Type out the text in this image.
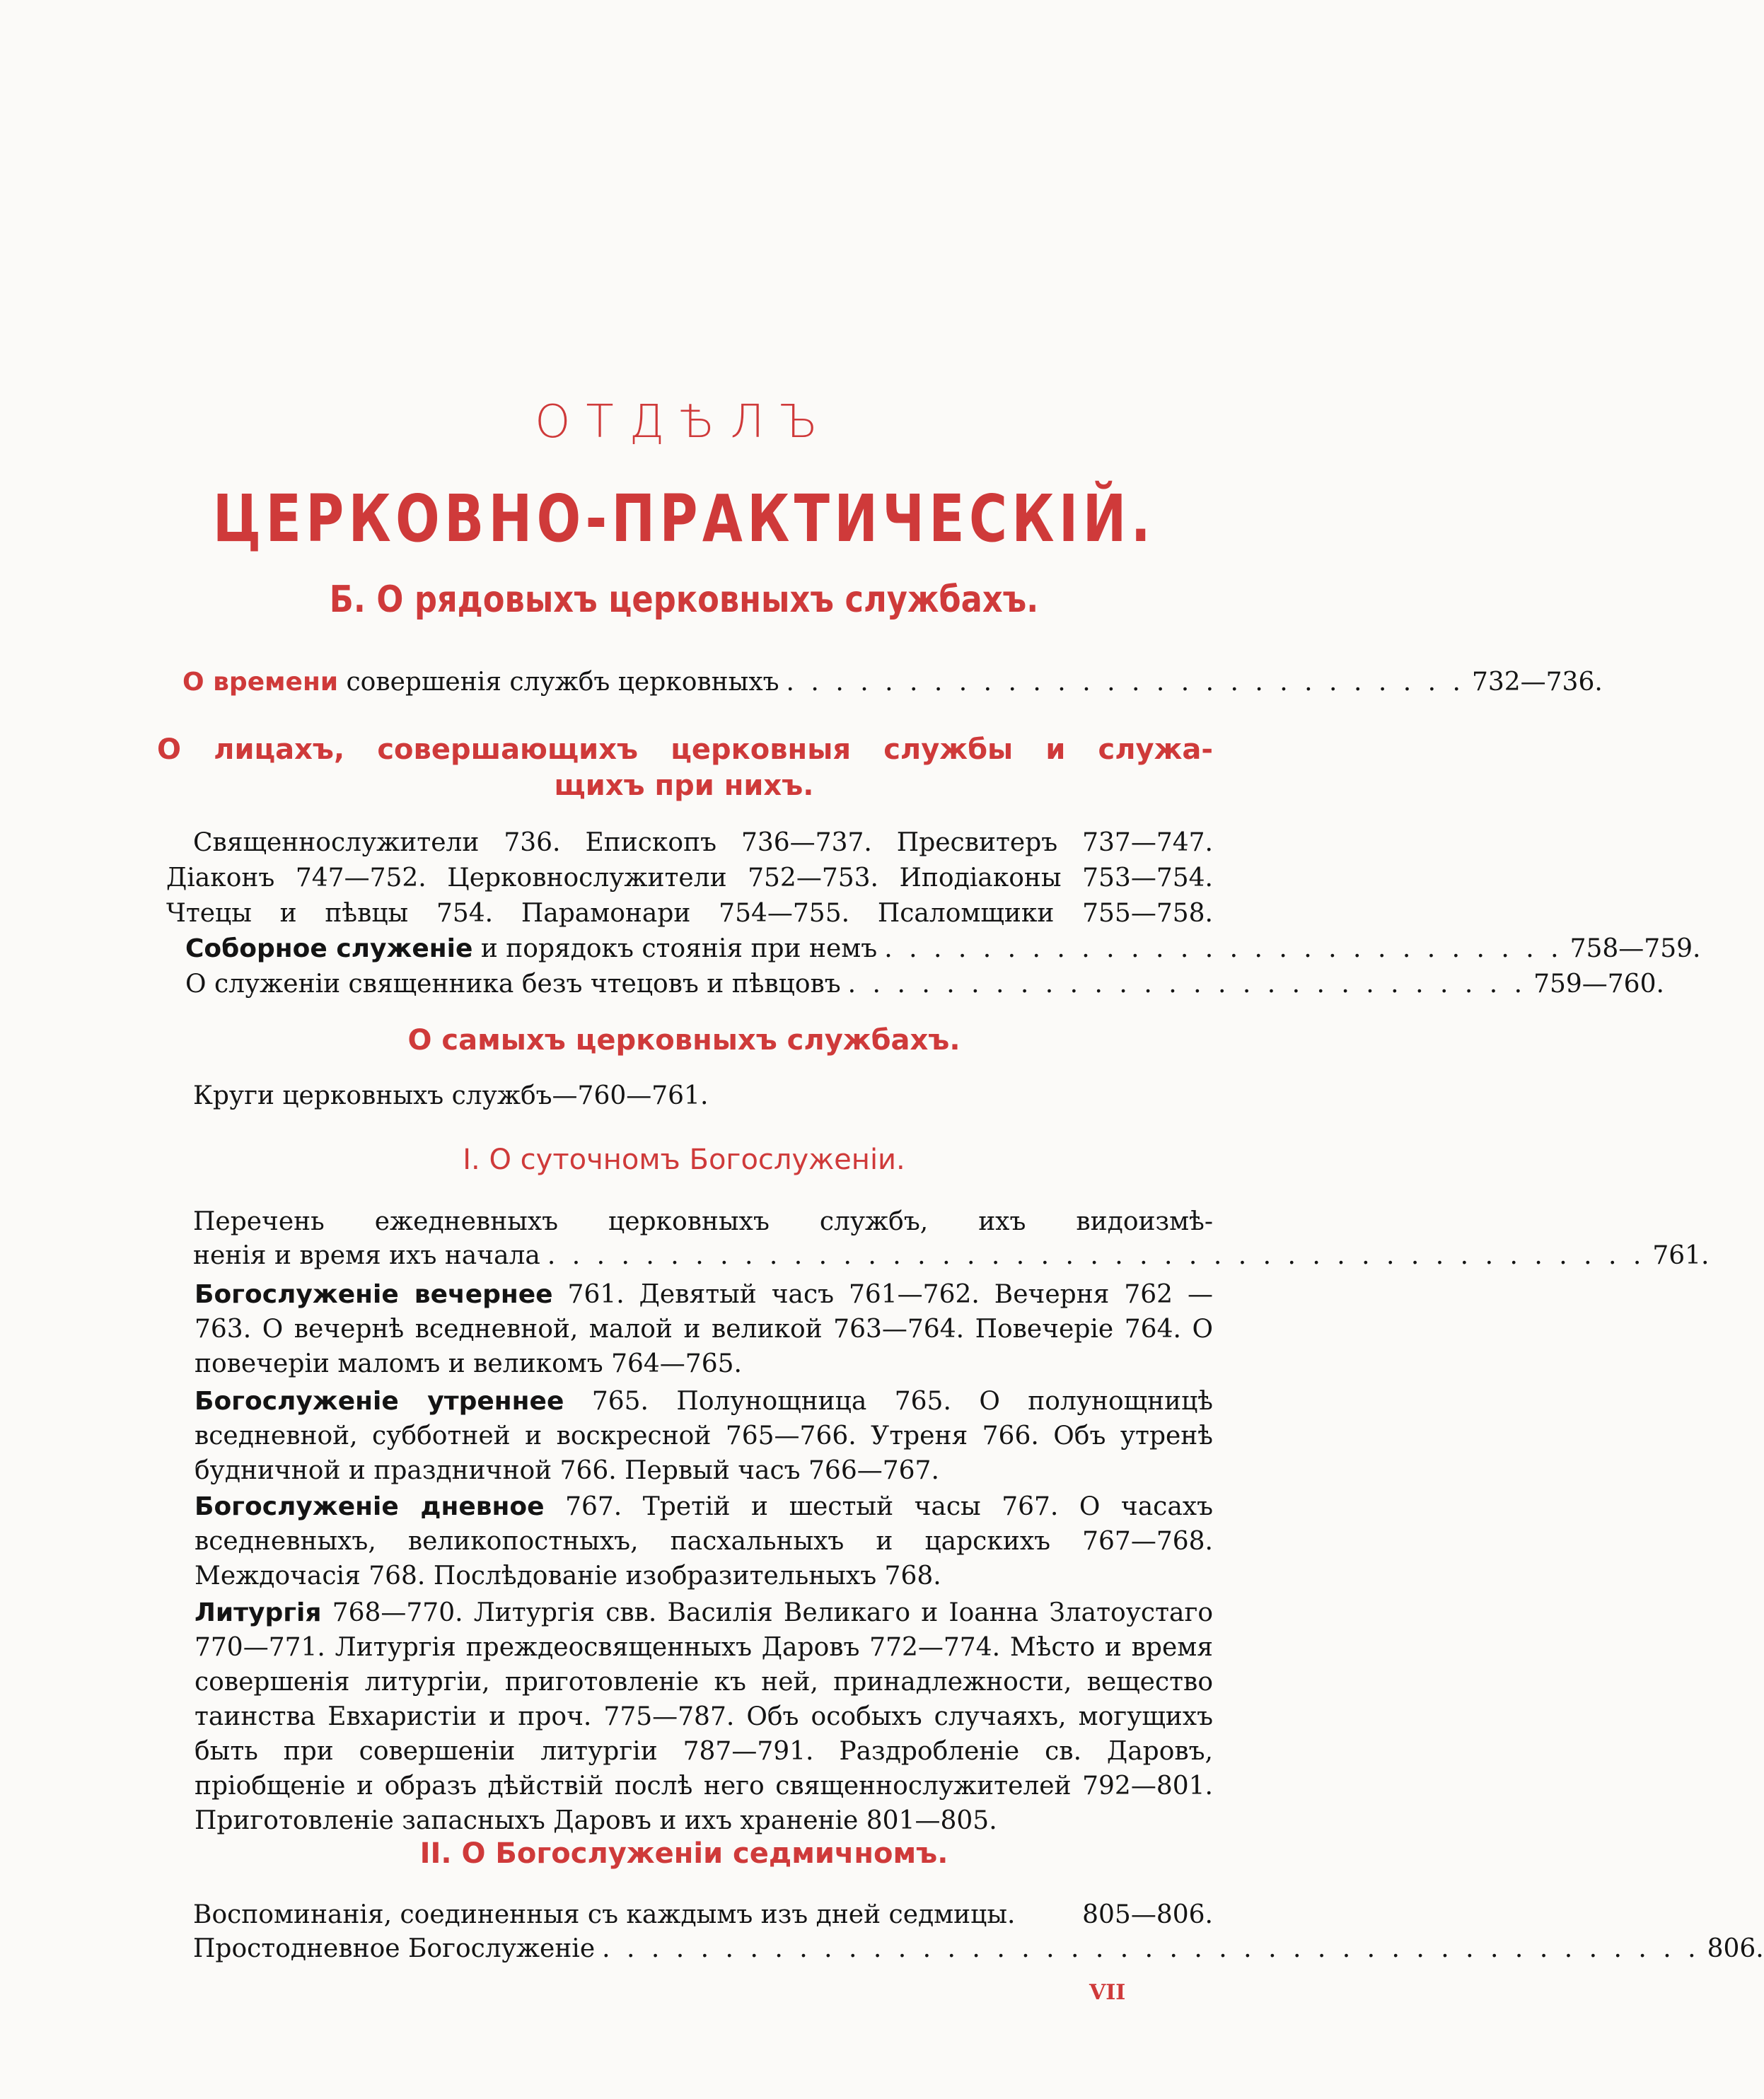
ОТДѢЛЪ
ЦЕРКОВНО-ПРАКТИЧЕСКІЙ.
Б. О рядовыхъ церковныхъ службахъ.
О времени совершенія службъ церковныхъ . . . . . . . . . . . . . . . . . . . . . . . . . . . . 732—736.
О лицахъ, совершающихъ церковныя службы и служа-
щихъ при нихъ.
Священнослужители 736. Епископъ 736—737. Пресвитеръ 737—747.
Діаконъ 747—752. Церковнослужители 752—753. Иподіаконы 753—754.
Чтецы и пѣвцы 754. Парамонари 754—755. Псаломщики 755—758.
Соборное служеніе и порядокъ стоянія при немъ . . . . . . . . . . . . . . . . . . . . . . . . . . . . 758—759.
О служеніи священника безъ чтецовъ и пѣвцовъ . . . . . . . . . . . . . . . . . . . . . . . . . . . . 759—760.
О самыхъ церковныхъ службахъ.
Круги церковныхъ службъ—760—761.
I. О суточномъ Богослуженіи.
Перечень ежедневныхъ церковныхъ службъ, ихъ видоизмѣ-
ненія и время ихъ начала . . . . . . . . . . . . . . . . . . . . . . . . . . . . . . . . . . . . . . . . . . . . . 761.
Богослуженіе вечернее 761. Девятый часъ 761—762. Вечерня 762 —763. О вечернѣ вседневной, малой и великой 763—764. Повечеріе 764. О повечеріи маломъ и великомъ 764—765.
Богослуженіе утреннее 765. Полунощница 765. О полунощницѣ вседневной, субботней и воскресной 765—766. Утреня 766. Объ утренѣ будничной и праздничной 766. Первый часъ 766—767.
Богослуженіе дневное 767. Третій и шестый часы 767. О часахъ вседневныхъ, великопостныхъ, пасхальныхъ и царскихъ 767—768. Междочасія 768. Послѣдованіе изобразительныхъ 768.
Литургія 768—770. Литургія свв. Василія Великаго и Іоанна Златоустаго 770—771. Литургія преждеосвященныхъ Даровъ 772—774. Мѣсто и время совершенія литургіи, приготовленіе къ ней, принадлежности, вещество таинства Евхаристіи и проч. 775—787. Объ особыхъ случаяхъ, могущихъ быть при совершеніи литургіи 787—791. Раздробленіе св. Даровъ, пріобщеніе и образъ дѣйствій послѣ него священнослужителей 792—801. Приготовленіе запасныхъ Даровъ и ихъ храненіе 801—805.
II. О Богослуженіи седмичномъ.
Воспоминанія, соединенныя съ каждымъ изъ дней седмицы.	805—806.
Простодневное Богослуженіе . . . . . . . . . . . . . . . . . . . . . . . . . . . . . . . . . . . . . . . . . . . . . 806.
VII
